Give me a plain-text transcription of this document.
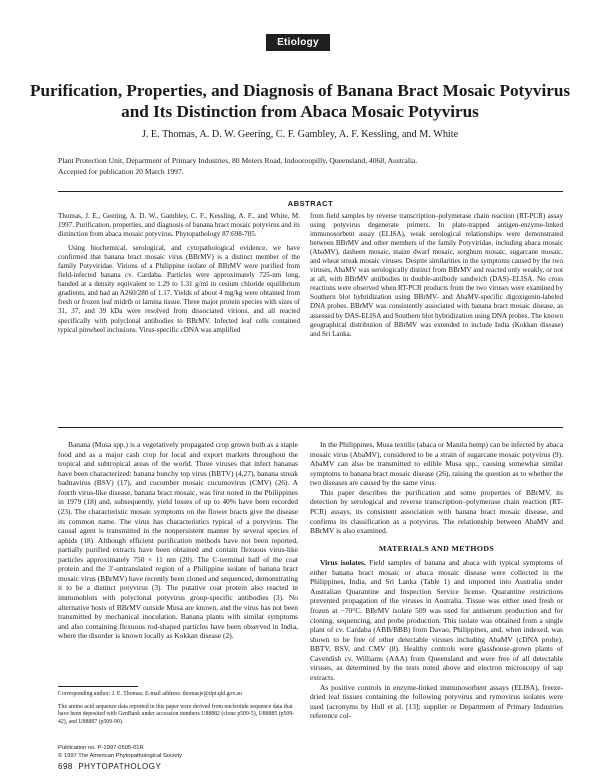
Etiology
Purification, Properties, and Diagnosis of Banana Bract Mosaic Potyvirus
and Its Distinction from Abaca Mosaic Potyvirus
J. E. Thomas, A. D. W. Geering, C. F. Gambley, A. F. Kessling, and M. White
Plant Protection Unit, Department of Primary Industries, 80 Meiers Road, Indooroopilly, Queensland, 4068, Australia.
Accepted for publication 20 March 1997.
ABSTRACT

Thomas, J. E., Geering, A. D. W., Gambley, C. F., Kessling, A. F., and White, M. 1997. Purification, properties, and diagnosis of banana bract mosaic potyvirus and its distinction from abaca mosaic potyvirus. Phytopathology 87:698-705.

Using biochemical, serological, and cytopathological evidence, we have confirmed that banana bract mosaic virus (BBrMV) is a distinct member of the family Potyviridae. Virions of a Philippine isolate of BBrMV were purified from field-infected banana cv. Cardaba. Particles were approximately 725-nm long, banded at a density equivalent to 1.29 to 1.31 g/ml in cesium chloride equilibrium gradients, and had an A260/280 of 1.17. Yields of about 4 mg/kg were obtained from fresh or frozen leaf midrib or lamina tissue. Three major protein species with sizes of 31, 37, and 39 kDa were resolved from dissociated virions, and all reacted specifically with polyclonal antibodies to BBrMV. Infected leaf cells contained typical pinwheel inclusions. Virus-specific cDNA was amplified

from field samples by reverse transcription–polymerase chain reaction (RT-PCR) assay using potyvirus degenerate primers. In plate-trapped antigen-enzyme-linked immunosorbent assay (ELISA), weak serological relationships were demonstrated between BBrMV and other members of the family Potyviridae, including abaca mosaic (AbaMV), dasheen mosaic, maize dwarf mosaic, sorghum mosaic, sugarcane mosaic, and wheat streak mosaic viruses. Despite similarities in the symptoms caused by the two viruses, AbaMV was serologically distinct from BBrMV and reacted only weakly, or not at all, with BBrMV antibodies in double-antibody sandwich (DAS)–ELISA. No cross reactions were observed when RT-PCR products from the two viruses were examined by Southern blot hybridization using BBrMV- and AbaMV-specific digoxigenin-labeled DNA probes. BBrMV was consistently associated with banana bract mosaic disease, as assessed by DAS-ELISA and Southern blot hybridization using DNA probes. The known geographical distribution of BBrMV was extended to include India (Kokkan disease) and Sri Lanka.

Banana (Musa spp.) is a vegetatively propagated crop grown both as a staple food and as a major cash crop for local and export markets throughout the tropical and subtropical areas of the world. Three viruses that infect bananas have been characterized: banana bunchy top virus (BBTV) (4,27), banana streak badnavirus (BSV) (17), and cucumber mosaic cucumovirus (CMV) (26). A fourth virus-like disease, banana bract mosaic, was first noted in the Philippines in 1979 (18) and, subsequently, yield losses of up to 40% have been recorded (23). The characteristic mosaic symptoms on the flower bracts give the disease its common name. The virus has characteristics typical of a potyvirus. The causal agent is transmitted in the nonpersistent manner by several species of aphids (18). Although efficient purification methods have not been reported, partially purified extracts have been obtained and contain flexuous virus-like particles approximately 750 × 11 nm (20). The C-terminal half of the coat protein and the 3′-untranslated region of a Philippine isolate of banana bract mosaic virus (BBrMV) have recently been cloned and sequenced, demonstrating it to be a distinct potyvirus (3). The putative coat protein also reacted in immunoblots with polyclonal potyvirus group-specific antibodies (3). No alternative hosts of BBrMV outside Musa are known, and the virus has not been transmitted by mechanical inoculation. Banana plants with similar symptoms and also containing flexuous rod-shaped particles have been observed in India, where the disorder is known locally as Kokkan disease (2).

In the Philippines, Musa textilis (abaca or Manila hemp) can be infected by abaca mosaic virus (AbaMV), considered to be a strain of sugarcane mosaic potyvirus (9). AbaMV can also be transmitted to edible Musa spp., causing somewhat similar symptoms to banana bract mosaic disease (26), raising the question as to whether the two diseases are caused by the same virus.

This paper describes the purification and some properties of BBrMV, its detection by serological and reverse transcription–polymerase chain reaction (RT-PCR) assays, its consistent association with banana bract mosaic disease, and confirms its classification as a potyvirus. The relationship between AbaMV and BBrMV is also examined.

MATERIALS AND METHODS

Virus isolates. Field samples of banana and abaca with typical symptoms of either banana bract mosaic or abaca mosaic disease were collected in the Philippines, India, and Sri Lanka (Table 1) and imported into Australia under Australian Quarantine and Inspection Service license. Quarantine restrictions prevented propagation of the viruses in Australia. Tissue was either used fresh or frozen at −70°C. BBrMV isolate 509 was used for antiserum production and for cloning, sequencing, and probe production. This isolate was obtained from a single plant of cv. Cardaba (ABB/BBB) from Davao, Philippines, and, when indexed, was shown to be free of other detectable viruses including AbaMV (cDNA probe), BBTV, BSV, and CMV (8). Healthy controls were glasshouse-grown plants of Cavendish cv. Williams (AAA) from Queensland and were free of all detectable viruses, as determined by the tests noted above and electron microscopy of sap extracts.

As positive controls in enzyme-linked immunosorbent assays (ELISA), freeze-dried leaf tissues containing the following potyvirus and rymovirus isolates were used (acronyms by Hull et al. [13]; supplier or Department of Primary Industries reference col-

Corresponding author: J. E. Thomas; E-mail address: thomasje@dpi.qld.gov.au

The amino acid sequence data reported in this paper were derived from nucleotide sequence data that have been deposited with GenBank under accession numbers U88882 (clone p509-5), U88885 (p509-42), and U88887 (p509-90).

Publication no. P-1997-0505-01R

© 1997 The American Phytopathological Society

698 PHYTOPATHOLOGY
